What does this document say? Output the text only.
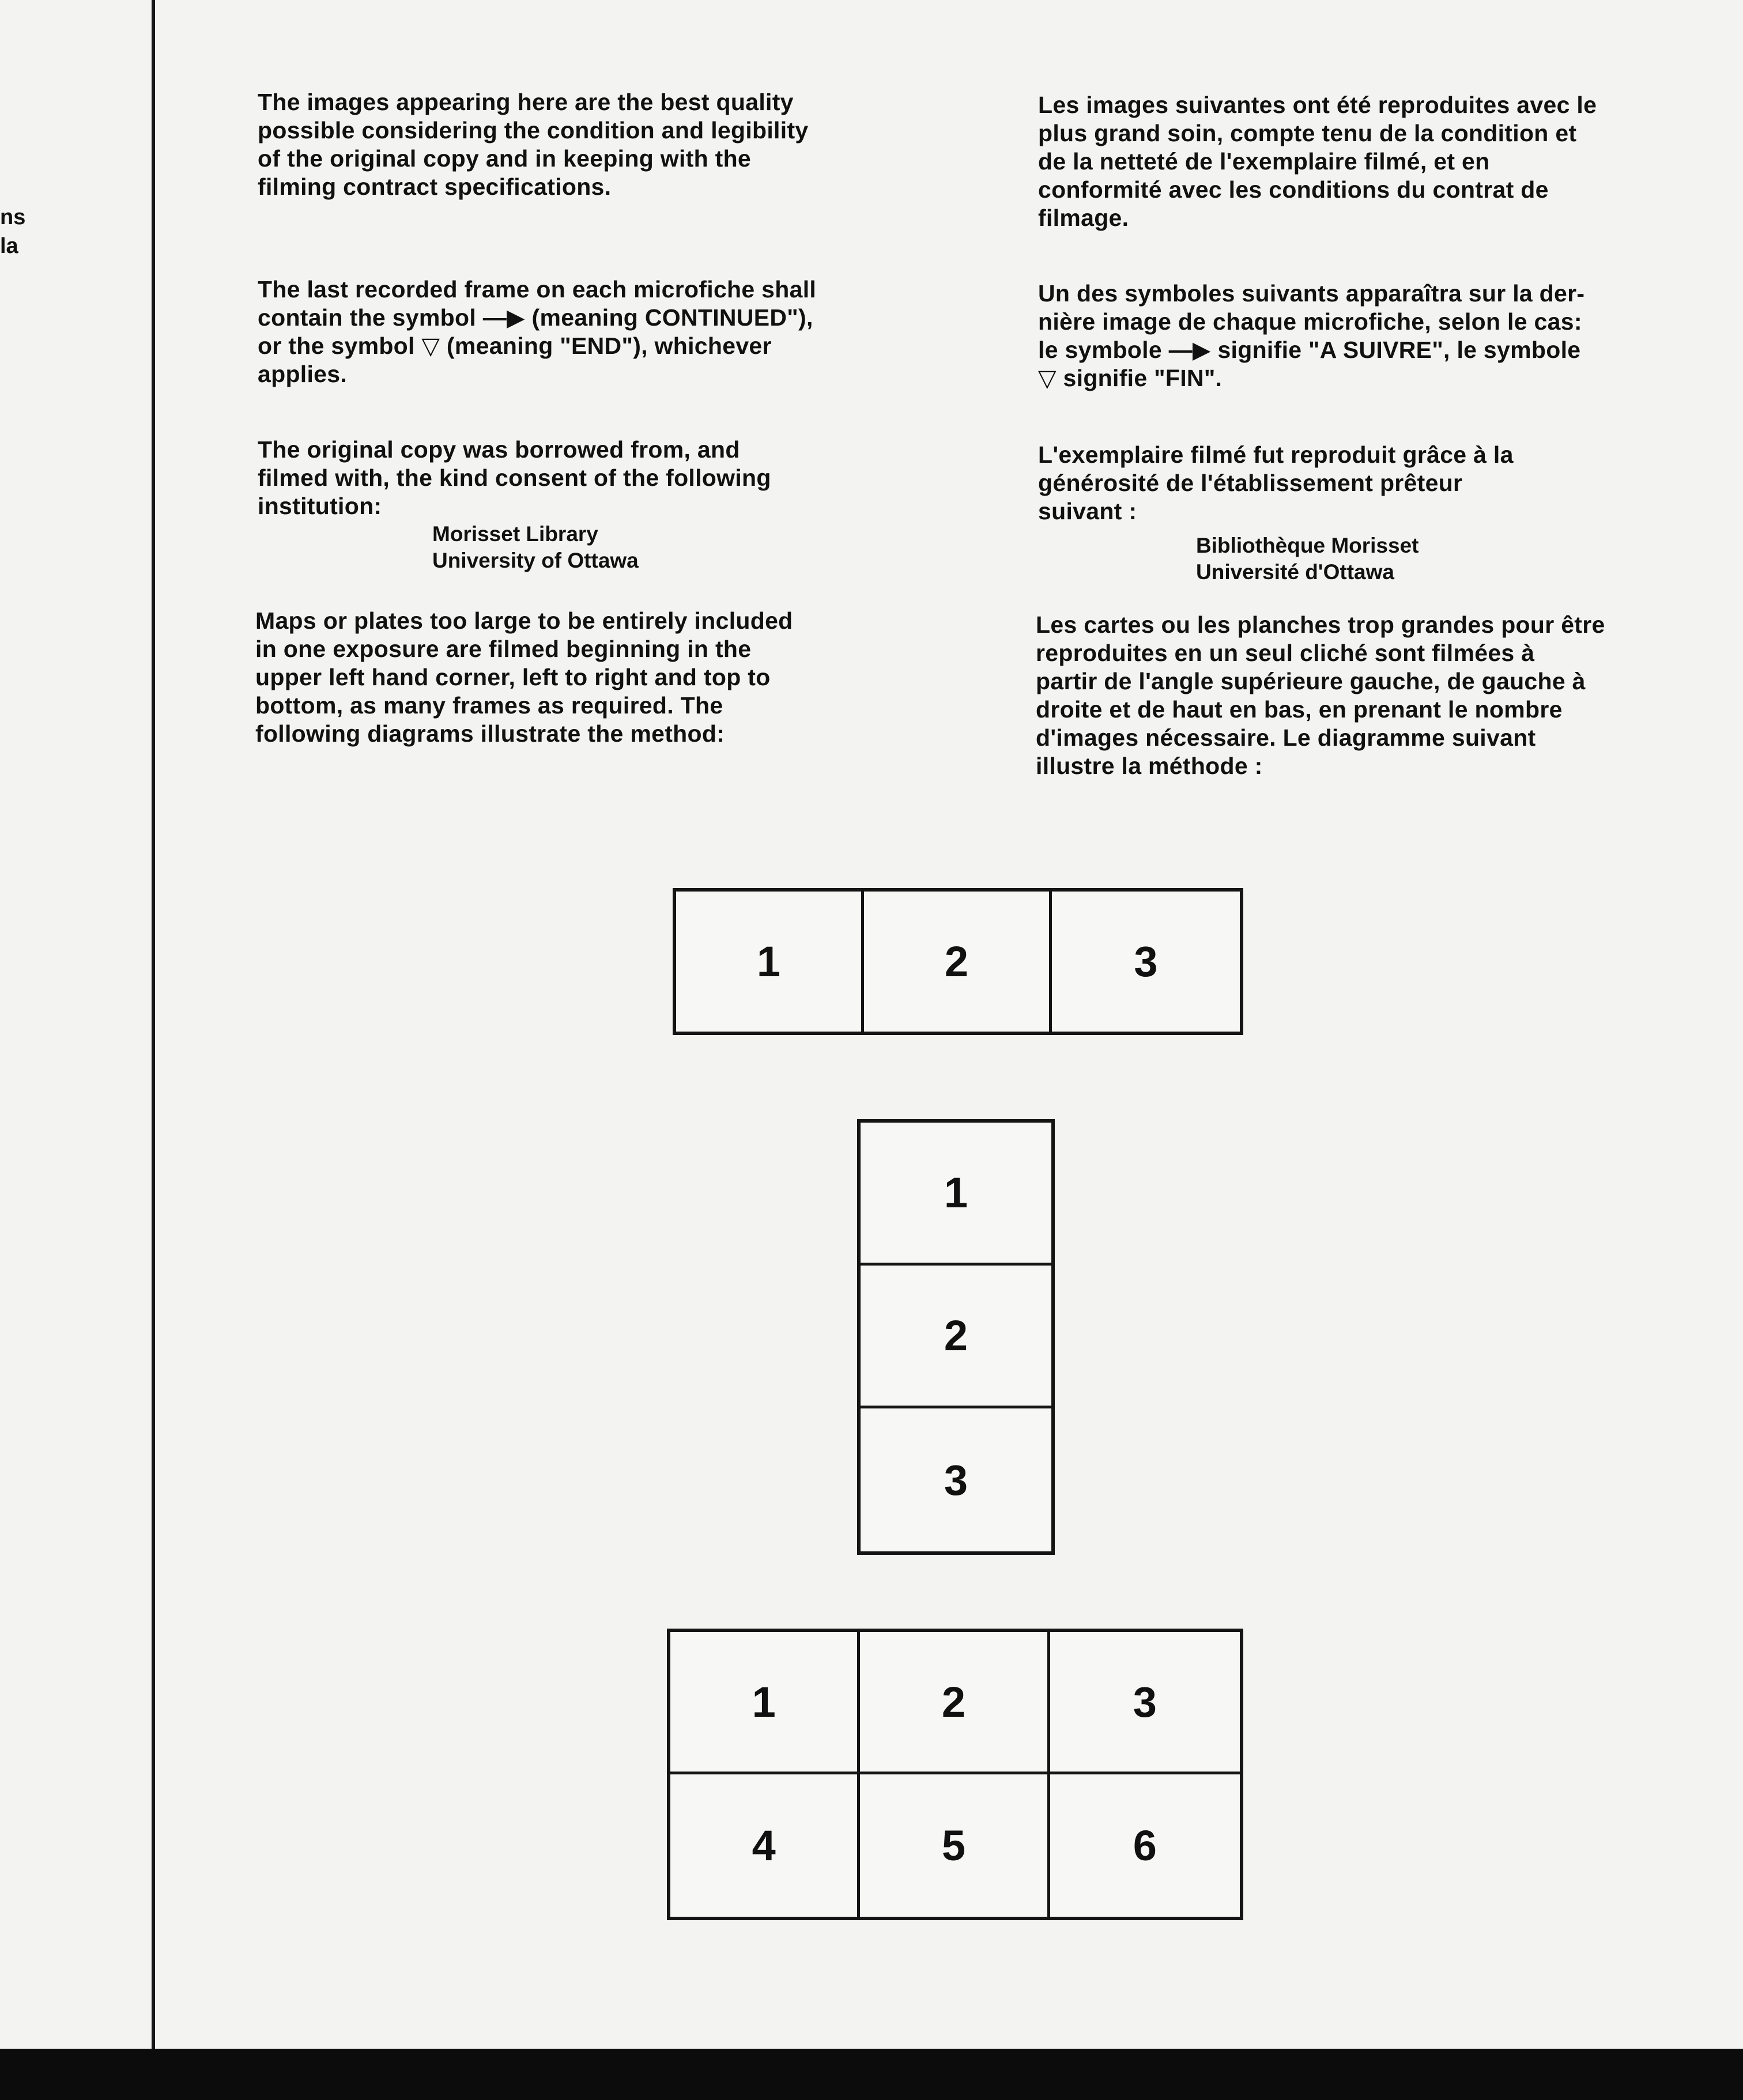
ns
la

The images appearing here are the best quality
possible considering the condition and legibility
of the original copy and in keeping with the
filming contract specifications.

The last recorded frame on each microfiche shall
contain the symbol —▶ (meaning CONTINUED"),
or the symbol ▽ (meaning "END"), whichever
applies.

The original copy was borrowed from, and
filmed with, the kind consent of the following
institution:

Morisset Library
University of Ottawa

Maps or plates too large to be entirely included
in one exposure are filmed beginning in the
upper left hand corner, left to right and top to
bottom, as many frames as required. The
following diagrams illustrate the method:

Les images suivantes ont été reproduites avec le
plus grand soin, compte tenu de la condition et
de la netteté de l'exemplaire filmé, et en
conformité avec les conditions du contrat de
filmage.

Un des symboles suivants apparaîtra sur la der-
nière image de chaque microfiche, selon le cas:
le symbole —▶ signifie "A SUIVRE", le symbole
▽ signifie "FIN".

L'exemplaire filmé fut reproduit grâce à la
générosité de l'établissement prêteur
suivant :

Bibliothèque Morisset
Université d'Ottawa

Les cartes ou les planches trop grandes pour être
reproduites en un seul cliché sont filmées à
partir de l'angle supérieure gauche, de gauche à
droite et de haut en bas, en prenant le nombre
d'images nécessaire. Le diagramme suivant
illustre la méthode :

1	2	3
1
2
3
1	2	3
4	5	6
